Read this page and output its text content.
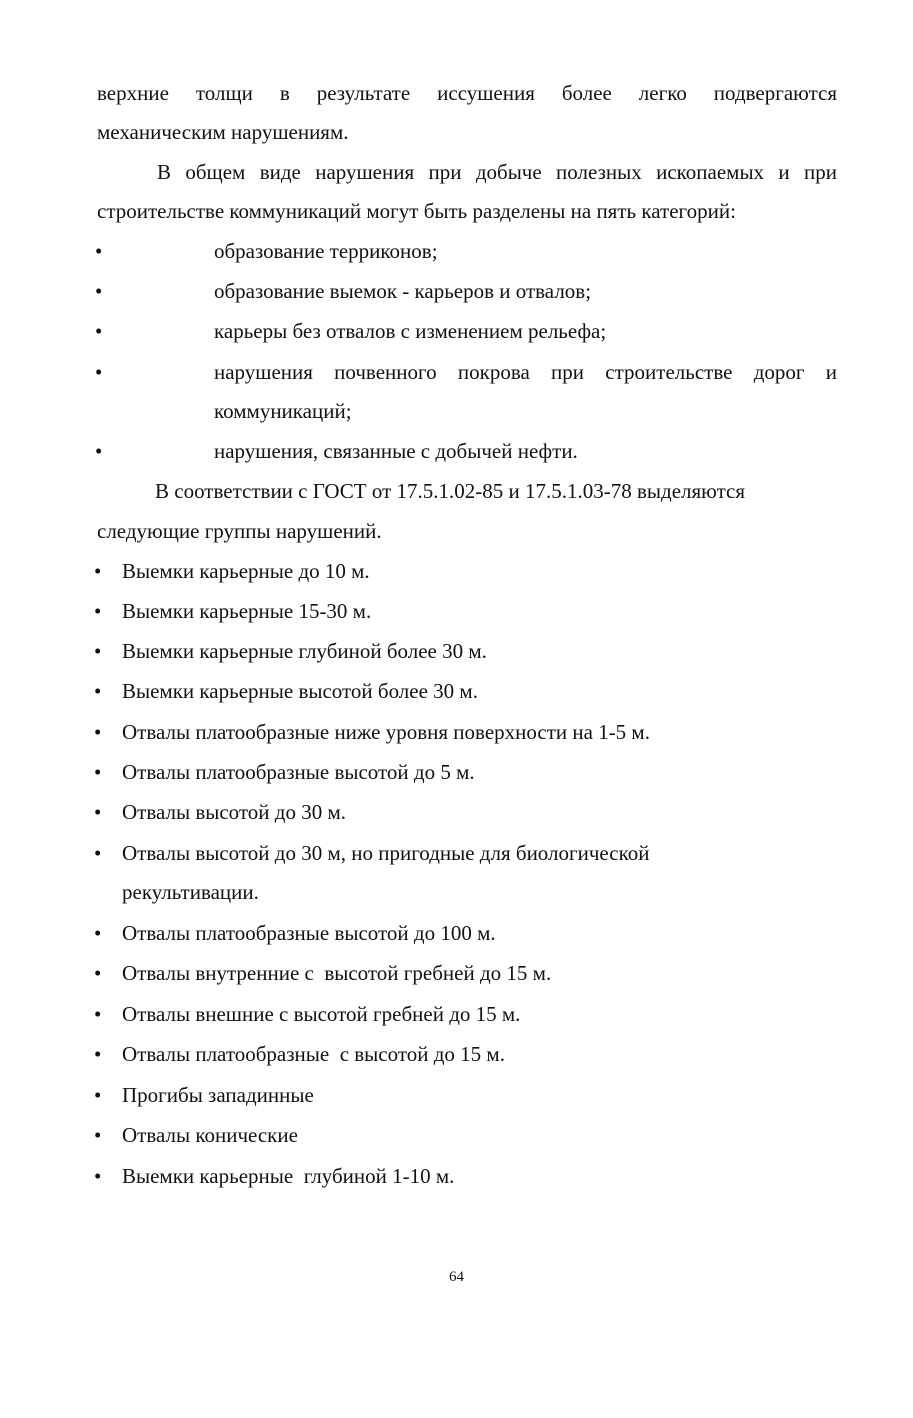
верхние толщи в результате иссушения более легко подвергаются
механическим нарушениям.
В общем виде нарушения при добыче полезных ископаемых и при
строительстве коммуникаций могут быть разделены на пять категорий:
•	образование терриконов;
•	образование выемок - карьеров и отвалов;
•	карьеры без отвалов с изменением рельефа;
•	нарушения почвенного покрова при строительстве дорог и
коммуникаций;
•	нарушения, связанные с добычей нефти.
В соответствии с ГОСТ от 17.5.1.02-85 и 17.5.1.03-78 выделяются
следующие группы нарушений.
• Выемки карьерные до 10 м.
• Выемки карьерные 15-30 м.
• Выемки карьерные глубиной более 30 м.
• Выемки карьерные высотой более 30 м.
• Отвалы платообразные ниже уровня поверхности на 1-5 м.
• Отвалы платообразные высотой до 5 м.
• Отвалы высотой до 30 м.
• Отвалы высотой до 30 м, но пригодные для биологической
рекультивации.
• Отвалы платообразные высотой до 100 м.
• Отвалы внутренние с  высотой гребней до 15 м.
• Отвалы внешние с высотой гребней до 15 м.
• Отвалы платообразные  с высотой до 15 м.
• Прогибы западинные
• Отвалы конические
• Выемки карьерные  глубиной 1-10 м.
64
